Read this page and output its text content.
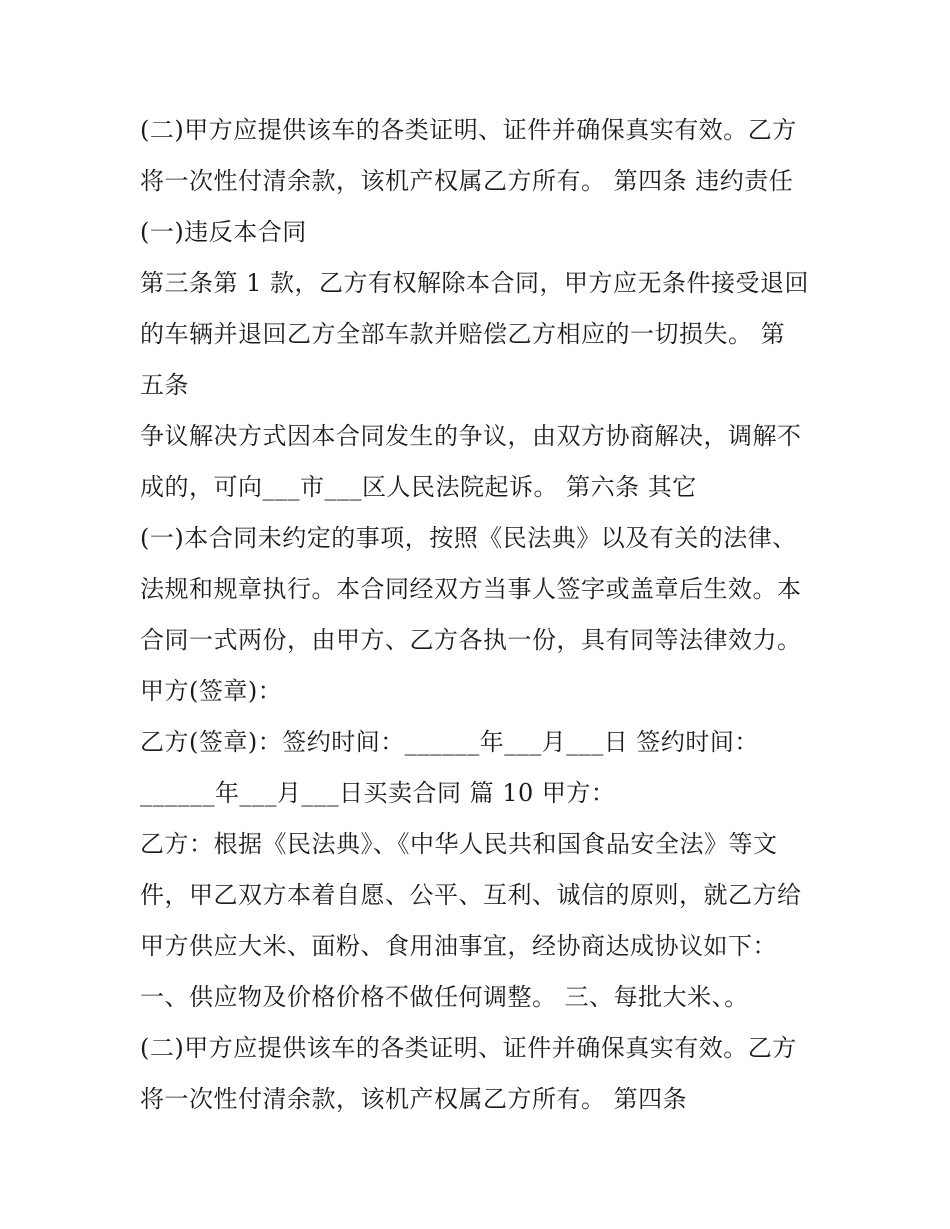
(二)甲方应提供该车的各类证明、证件并确保真实有效。乙方
将一次性付清余款，该机产权属乙方所有。 第四条 违约责任
(一)违反本合同
第三条第 1 款，乙方有权解除本合同，甲方应无条件接受退回
的车辆并退回乙方全部车款并赔偿乙方相应的一切损失。 第
五条
争议解决方式因本合同发生的争议，由双方协商解决，调解不
成的，可向___市___区人民法院起诉。 第六条 其它
(一)本合同未约定的事项，按照《民法典》以及有关的法律、
法规和规章执行。本合同经双方当事人签字或盖章后生效。本
合同一式两份，由甲方、乙方各执一份，具有同等法律效力。
甲方(签章)：
乙方(签章)：签约时间：______年___月___日 签约时间：
______年___月___日买卖合同 篇 10 甲方：
乙方：根据《民法典》、《中华人民共和国食品安全法》等文
件，甲乙双方本着自愿、公平、互利、诚信的原则，就乙方给
甲方供应大米、面粉、食用油事宜，经协商达成协议如下：
一、供应物及价格价格不做任何调整。 三、每批大米、。
(二)甲方应提供该车的各类证明、证件并确保真实有效。乙方
将一次性付清余款，该机产权属乙方所有。 第四条
